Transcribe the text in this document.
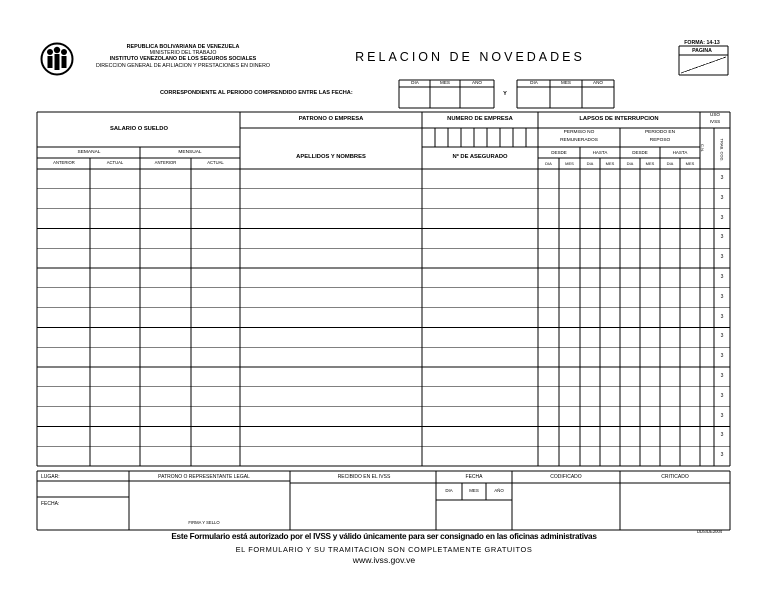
REPUBLICA BOLIVARIANA DE VENEZUELA
MINISTERIO DEL TRABAJO
INSTITUTO VENEZOLANO DE LOS SEGUROS SOCIALES
DIRECCION GENERAL DE AFILIACION Y PRESTACIONES EN DINERO
RELACION DE NOVEDADES
FORMA: 14-13
PAGINA
CORRESPONDIENTE AL PERIODO COMPRENDIDO ENTRE LAS FECHA:	Y
DIA	MES	AÑO	DIA	MES	AÑO
SALARIO O SUELDO
SEMANAL	MENSUAL
ANTERIOR	ACTUAL	ANTERIOR	ACTUAL
PATRONO O EMPRESA
APELLIDOS Y NOMBRES
NUMERO DE EMPRESA
Nº DE ASEGURADO
LAPSOS DE INTERRUPCION
PERMISO NO
REMUNERADOS
PERIODO EN
REPOSO
DESDE	HASTA	DESDE	HASTA
DIA	MES	DIA	MES	DIA	MES	DIA	MES
USO
IVSS
C.N.	TRAB. COD.
3
3
3
3
3
3
3
3
3
3
3
3
3
3
3
LUGAR:
FECHA:
PATRONO O REPRESENTANTE LEGAL
FIRMA Y SELLO
RECIBIDO EN EL IVSS	FECHA
DIA	MES	AÑO
CODIFICADO	CRITICADO
DDS/DE2004
Este Formulario está autorizado por el IVSS y válido únicamente para ser consignado en las oficinas administrativas
EL FORMULARIO Y SU TRAMITACION SON COMPLETAMENTE GRATUITOS
www.ivss.gov.ve
